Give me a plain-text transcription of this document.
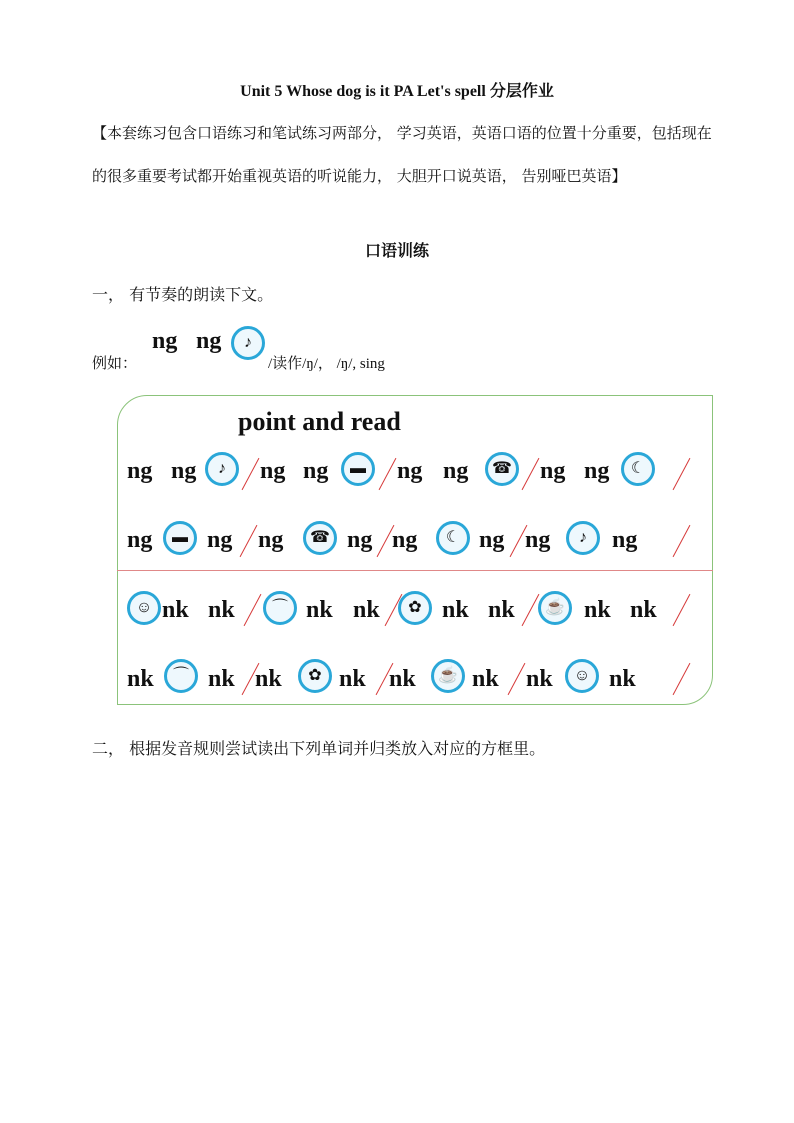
Unit 5 Whose dog is it PA Let's spell 分层作业
【本套练习包含口语练习和笔试练习两部分， 学习英语，英语口语的位置十分重要，包括现在的很多重要考试都开始重视英语的听说能力， 大胆开口说英语， 告别哑巴英语】
口语训练
一， 有节奏的朗读下文。
例如：
ng ng	♪
/读作/ŋ/， /ŋ/, sing
point and read
ng ng	♪	ng ng	▬	ng ng	☎ ng ng	☾
ng	▬ ng ng	☎ ng ng	☾ ng ng	♪	ng
☺ nk nk	⌒ nk nk	✿ nk nk	☕ nk nk
nk	⌒ nk nk	✿ nk nk	☕ nk nk	☺ nk
二， 根据发音规则尝试读出下列单词并归类放入对应的方框里。
